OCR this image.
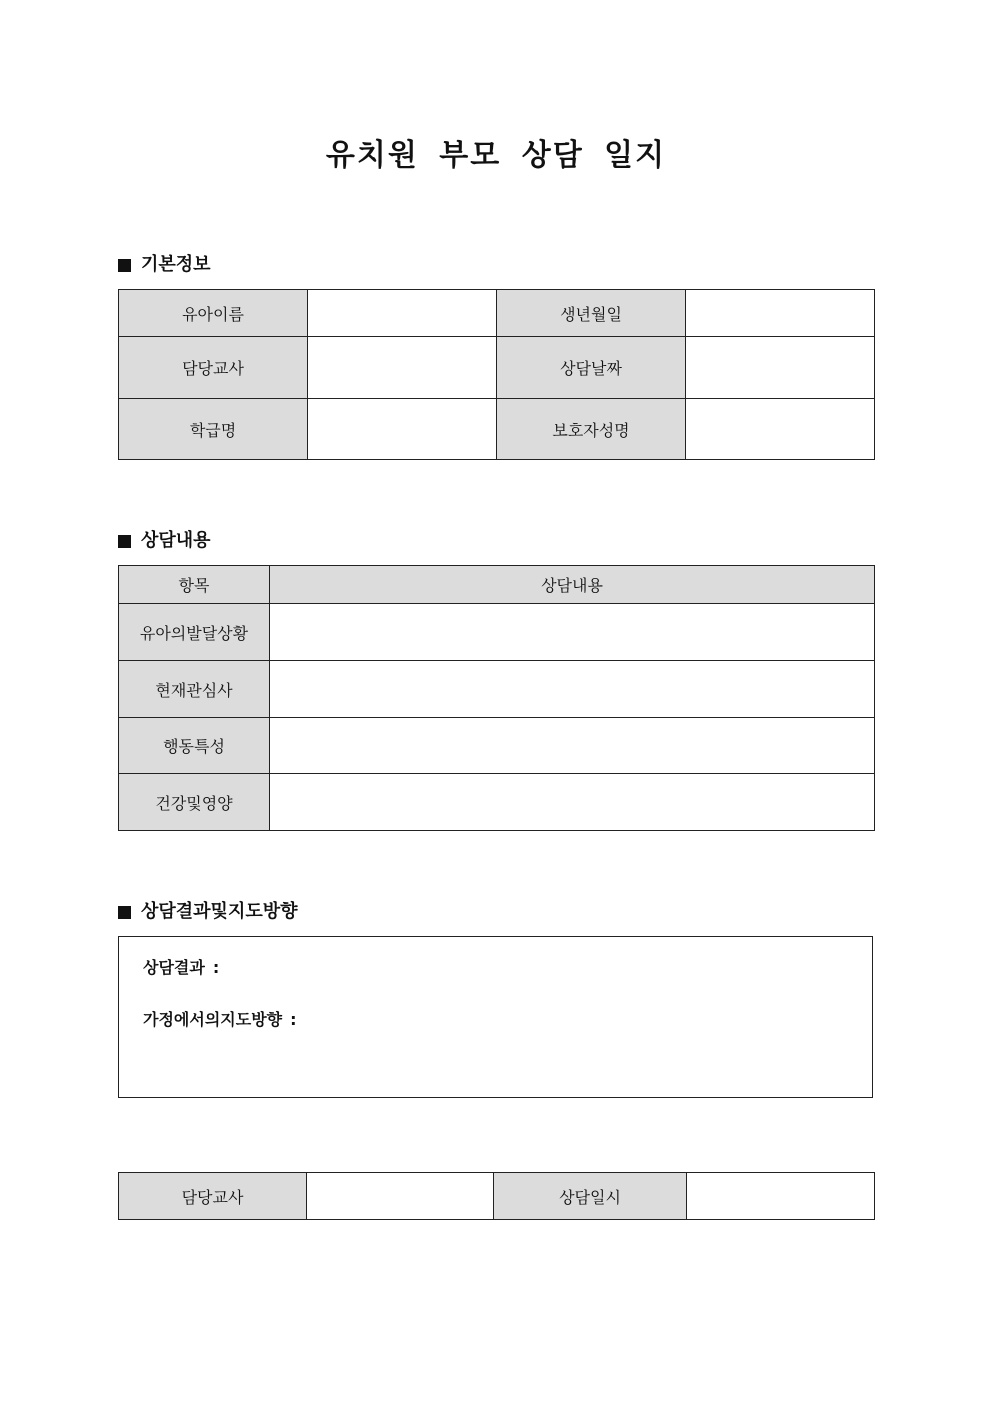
유치원 부모 상담 일지
기본정보
유아이름		생년월일	
담당교사		상담날짜	
학급명		보호자성명	
상담내용
항목	상담내용
유아의발달상황	
현재관심사	
행동특성	
건강및영양	
상담결과및지도방향
상담결과 :
가정에서의지도방향 :
담당교사		상담일시	
